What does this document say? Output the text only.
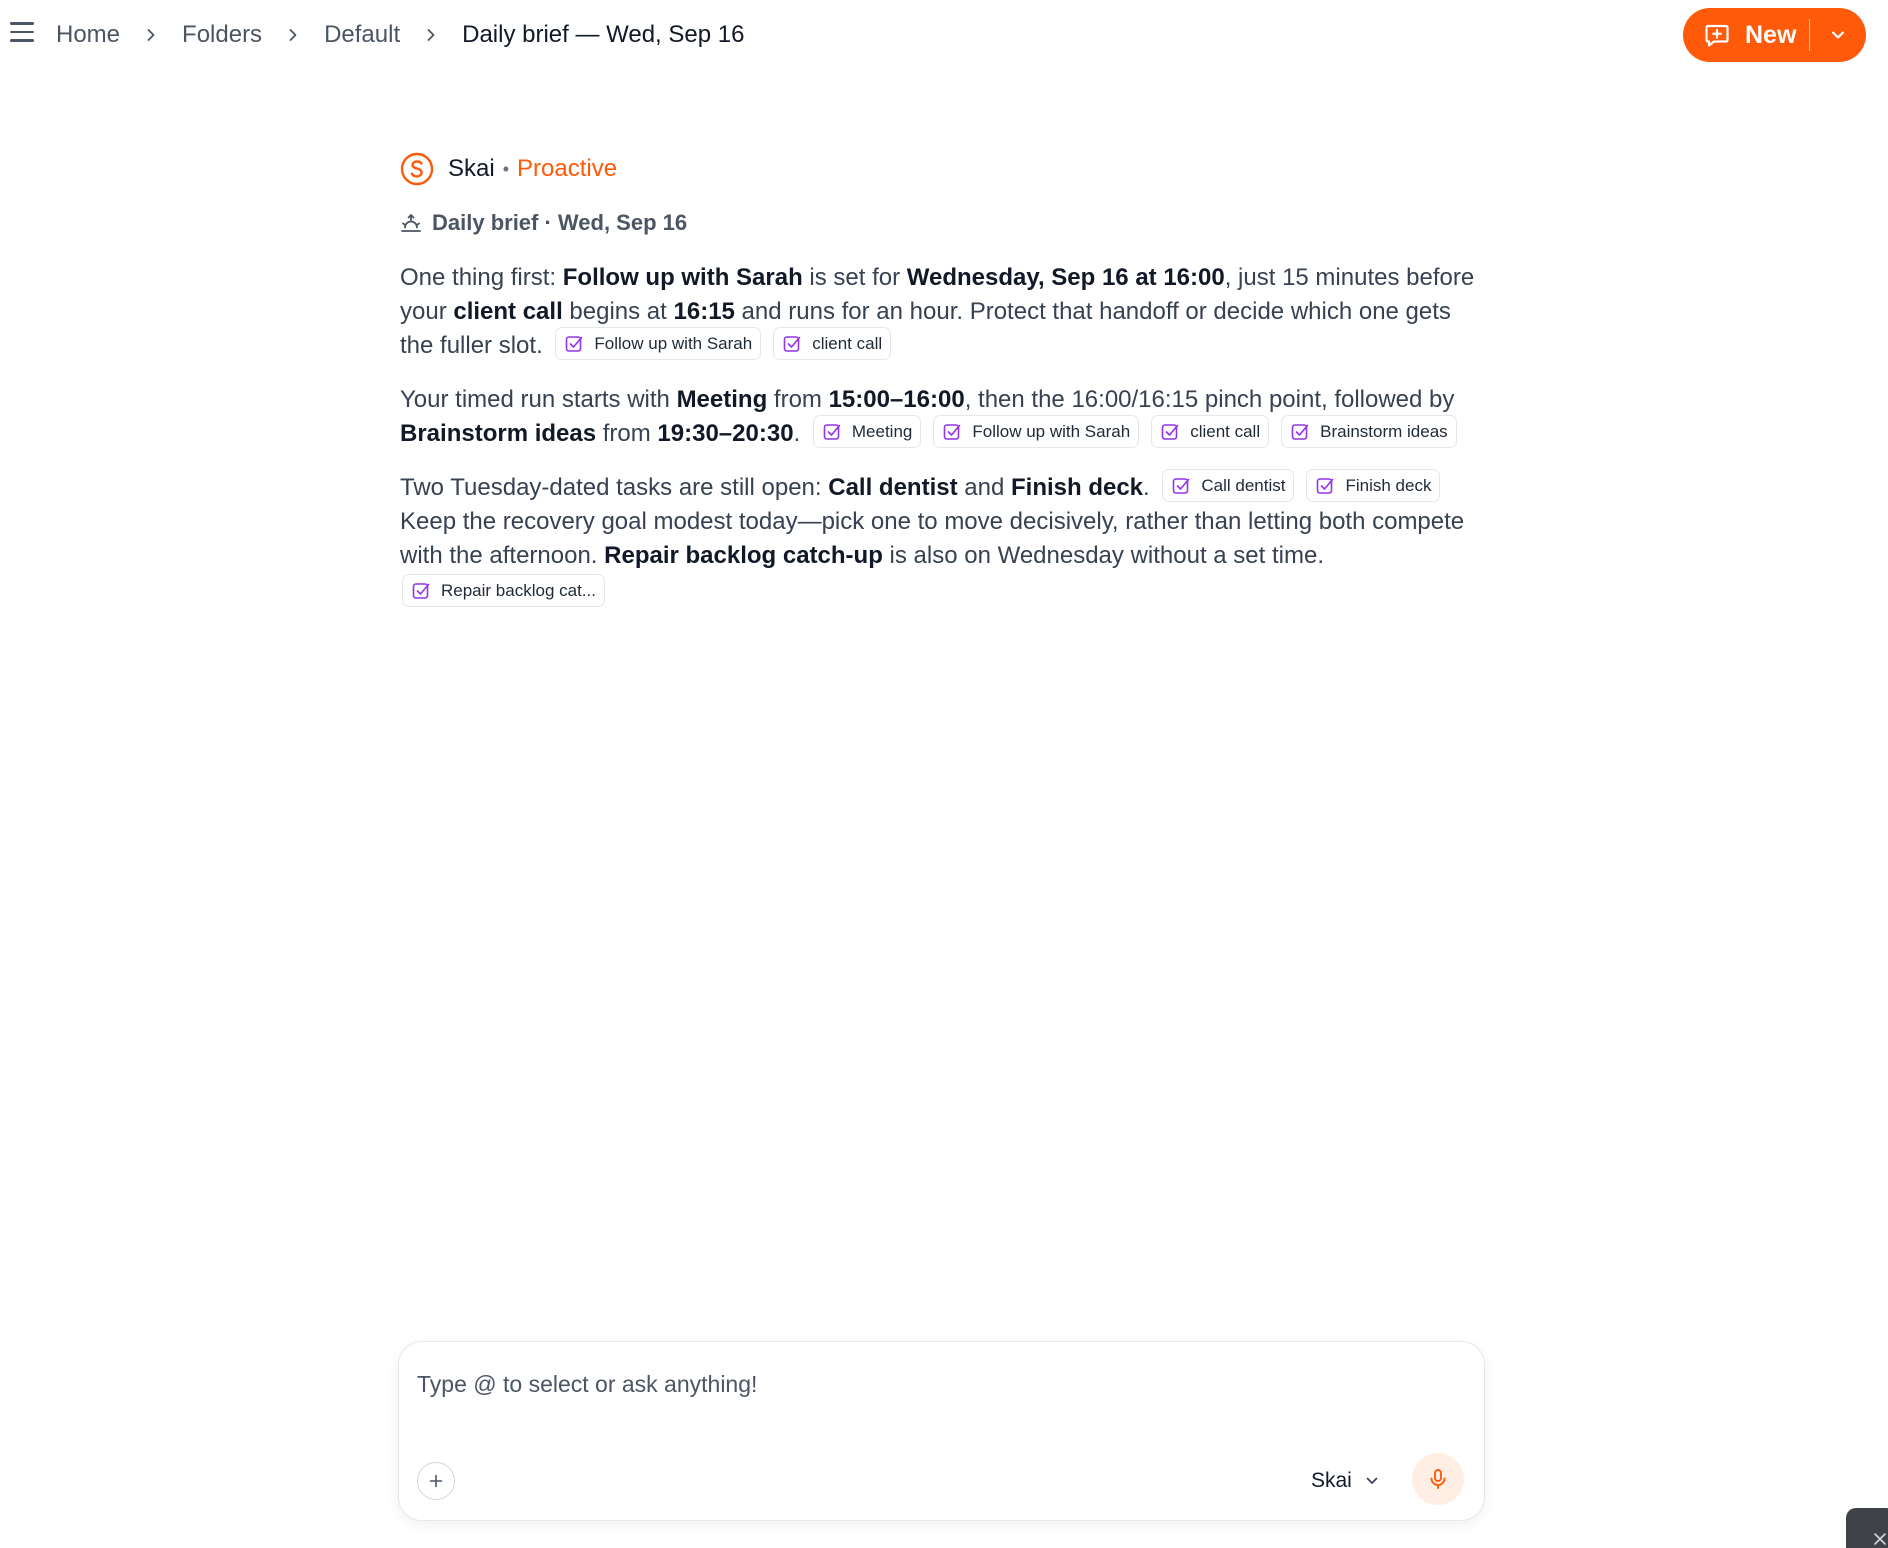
Home	Folders	Default	Daily brief — Wed, Sep 16	New
Skai • Proactive
Daily brief · Wed, Sep 16

One thing first: Follow up with Sarah is set for Wednesday, Sep 16 at 16:00, just 15 minutes before your client call begins at 16:15 and runs for an hour. Protect that handoff or decide which one gets the fuller slot.	Follow up with Sarah	client call

Your timed run starts with Meeting from 15:00–16:00, then the 16:00/16:15 pinch point, followed by Brainstorm ideas from 19:30–20:30.	Meeting	Follow up with Sarah	client call	Brainstorm ideas

Two Tuesday-dated tasks are still open: Call dentist and Finish deck.	Call dentist	Finish deck
Keep the recovery goal modest today—pick one to move decisively, rather than letting both compete with the afternoon. Repair backlog catch-up is also on Wednesday without a set time.

Repair backlog cat...

Type @ to select or ask anything!
Skai
